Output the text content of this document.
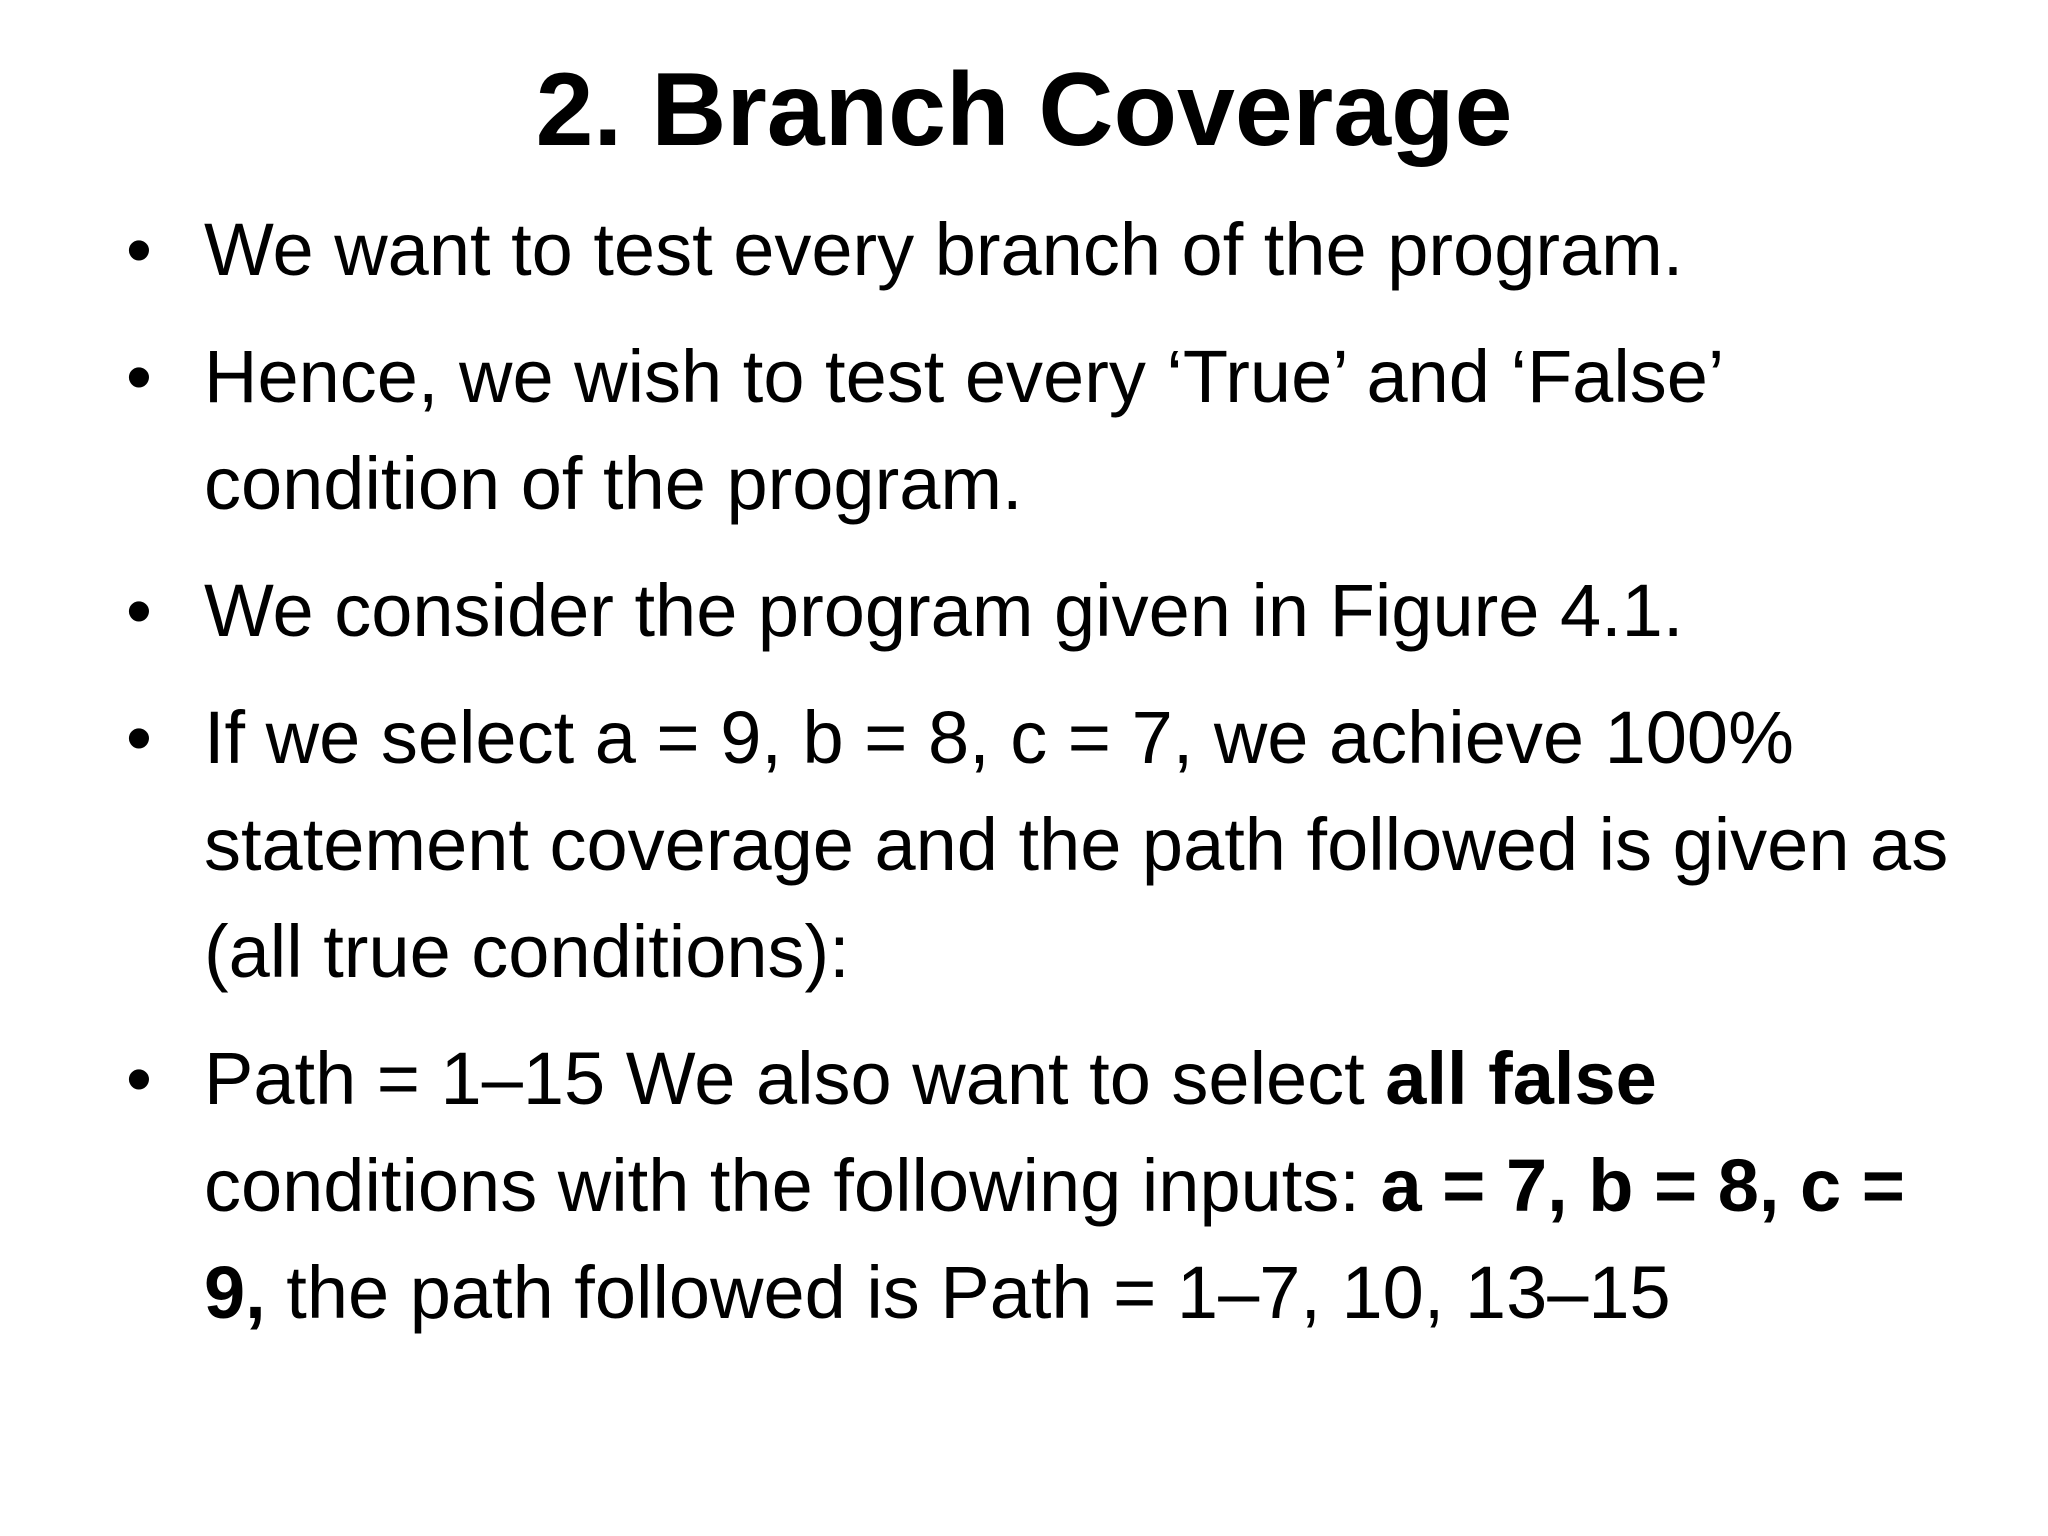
2. Branch Coverage
• We want to test every branch of the program.
• Hence, we wish to test every ‘True’ and ‘False’ condition of the program.
• We consider the program given in Figure 4.1.
• If we select a = 9, b = 8, c = 7, we achieve 100% statement coverage and the path followed is given as (all true conditions):
• Path = 1–15 We also want to select all false conditions with the following inputs: a = 7, b = 8, c = 9, the path followed is Path = 1–7, 10, 13–15
